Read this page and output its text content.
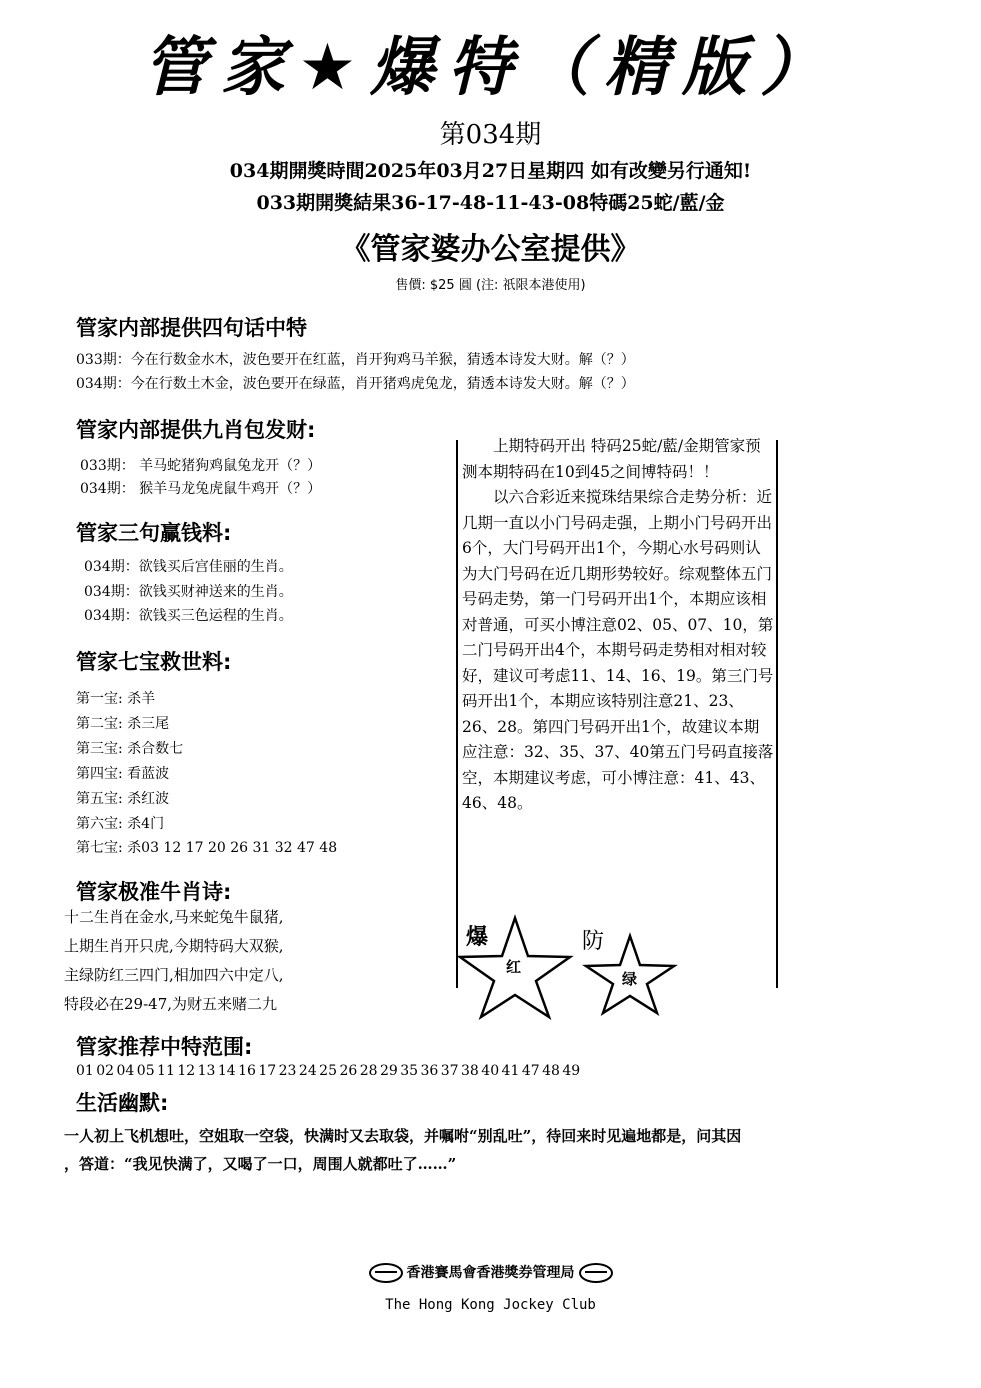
管家★爆特（精版）
第034期
034期開獎時間2025年03月27日星期四 如有改變另行通知!
033期開獎結果36-17-48-11-43-08特碼25蛇/藍/金
《管家婆办公室提供》
售價: $25 圓 (注: 祇限本港使用)
管家内部提供四句话中特
033期：今在行数金水木，波色要开在红蓝，肖开狗鸡马羊猴，猜透本诗发大财。解（？）
034期：今在行数土木金，波色要开在绿蓝，肖开猪鸡虎兔龙，猜透本诗发大财。解（？）
管家内部提供九肖包发财:
033期： 羊马蛇猪狗鸡鼠兔龙开（？）
034期： 猴羊马龙兔虎鼠牛鸡开（？）
管家三句赢钱料:
034期：欲钱买后宫佳丽的生肖。
034期：欲钱买财神送来的生肖。
034期：欲钱买三色运程的生肖。
管家七宝救世料:
第一宝: 杀羊
第二宝: 杀三尾
第三宝: 杀合数七
第四宝: 看蓝波
第五宝: 杀红波
第六宝: 杀4门
第七宝: 杀03 12 17 20 26 31 32 47 48
管家极准牛肖诗:
十二生肖在金水,马来蛇兔牛鼠猪,
上期生肖开只虎,今期特码大双猴,
主绿防红三四门,相加四六中定八,
特段必在29-47,为财五来赌二九
管家推荐中特范围:
01 02 04 05 11 12 13 14 16 17 23 24 25 26 28 29 35 36 37 38 40 41 47 48 49
生活幽默:
一人初上飞机想吐，空姐取一空袋，快满时又去取袋，并嘱咐“别乱吐”，待回来时见遍地都是，问其因
，答道：“我见快满了，又喝了一口，周围人就都吐了……”

上期特码开出 特码25蛇/藍/金期管家预测本期特码在10到45之间博特码！！

以六合彩近来搅珠结果综合走势分析：近几期一直以小门号码走强，上期小门号码开出6个，大门号码开出1个，今期心水号码则认为大门号码在近几期形势较好。综观整体五门号码走势，第一门号码开出1个，本期应该相对普通，可买小博注意02、05、07、10，第二门号码开出4个，本期号码走势相对相对较好，建议可考虑11、14、16、19。第三门号码开出1个，本期应该特别注意21、23、26、28。第四门号码开出1个，故建议本期应注意：32、35、37、40第五门号码直接落空，本期建议考虑，可小博注意：41、43、46、48。

爆
红
防
绿
香港賽馬會香港獎券管理局
The Hong Kong Jockey Club
